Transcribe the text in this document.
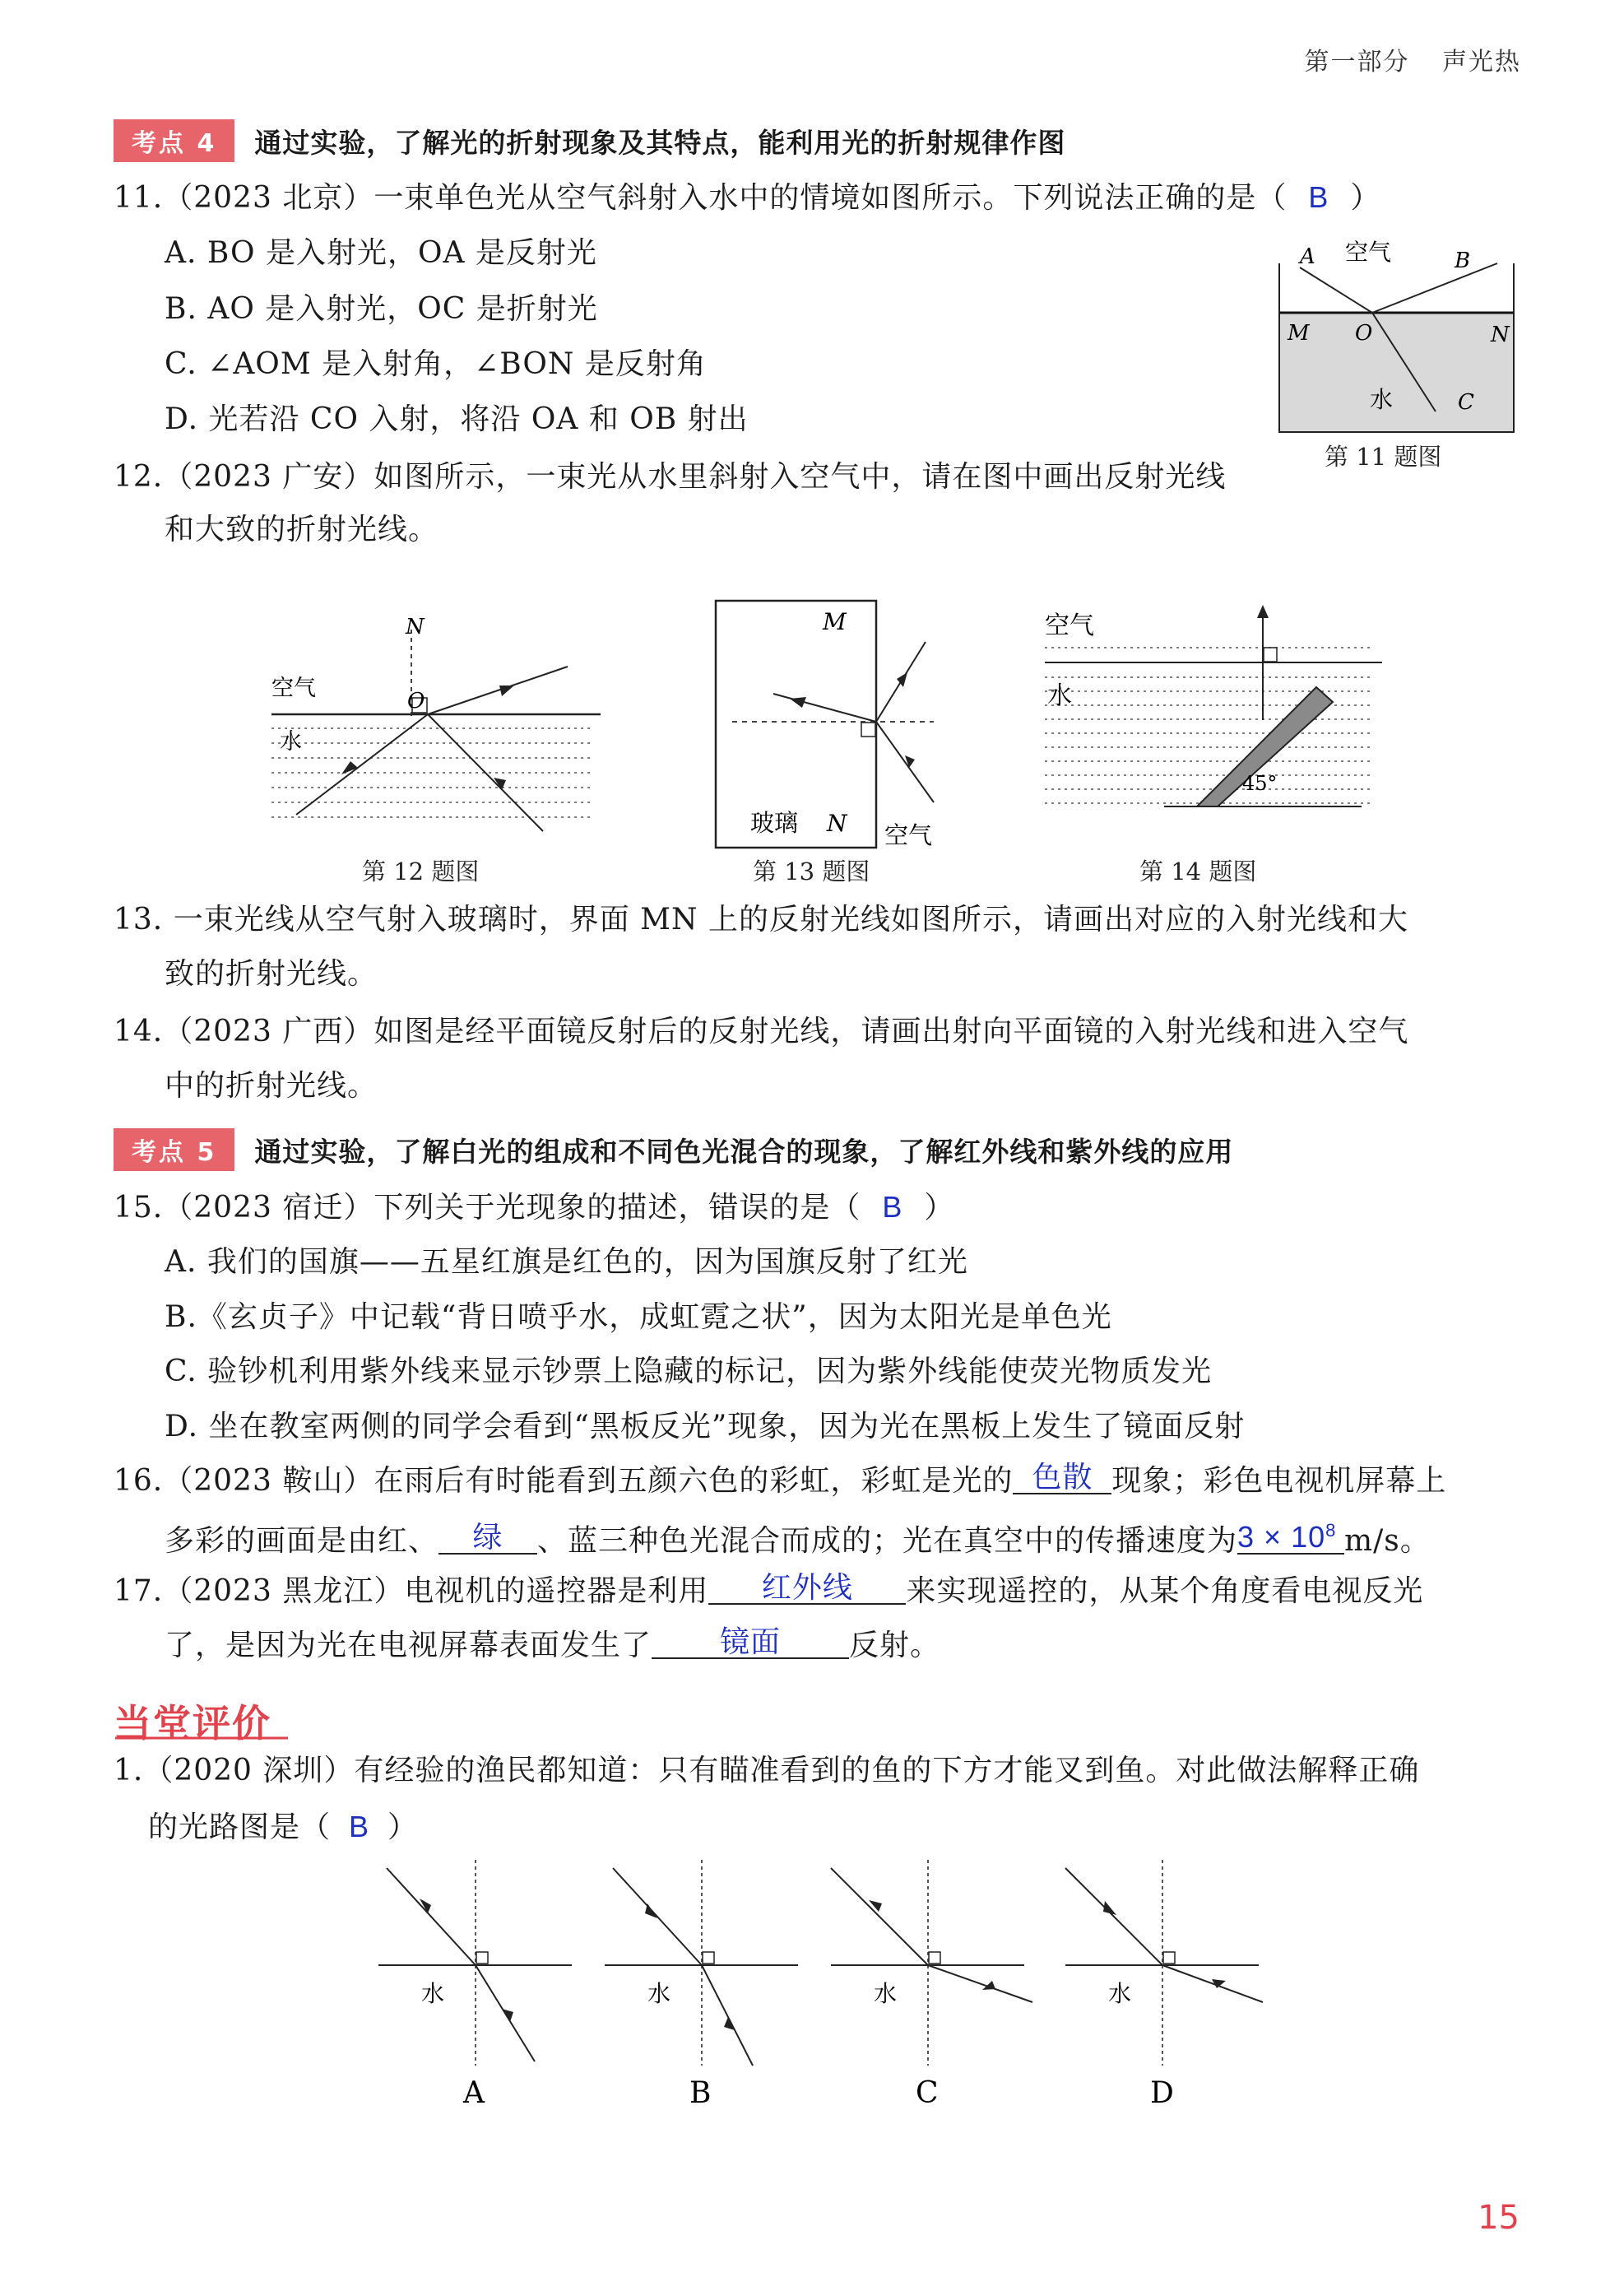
第一部分 声光热
考点 4	通过实验，了解光的折射现象及其特点，能利用光的折射规律作图
11.（2023 北京）一束单色光从空气斜射入水中的情境如图所示。下列说法正确的是（ B ）
A. BO 是入射光，OA 是反射光
B. AO 是入射光，OC 是折射光
C. ∠AOM 是入射角，∠BON 是反射角
D. 光若沿 CO 入射，将沿 OA 和 OB 射出
A 空气	B
M O	N
水	C
第 11 题图
12.（2023 广安）如图所示，一束光从水里斜射入空气中，请在图中画出反射光线
和大致的折射光线。
N
空气	O
水
第 12 题图
M
玻璃 N 空气
第 13 题图
空气
水
45°
第 14 题图
13. 一束光线从空气射入玻璃时，界面 MN 上的反射光线如图所示，请画出对应的入射光线和大
致的折射光线。
14.（2023 广西）如图是经平面镜反射后的反射光线，请画出射向平面镜的入射光线和进入空气
中的折射光线。
考点 5	通过实验，了解白光的组成和不同色光混合的现象，了解红外线和紫外线的应用
15.（2023 宿迁）下列关于光现象的描述，错误的是（ B ）
A. 我们的国旗——五星红旗是红色的，因为国旗反射了红光
B.《玄贞子》中记载“背日喷乎水，成虹霓之状”，因为太阳光是单色光
C. 验钞机利用紫外线来显示钞票上隐藏的标记，因为紫外线能使荧光物质发光
D. 坐在教室两侧的同学会看到“黑板反光”现象，因为光在黑板上发生了镜面反射
16.（2023 鞍山）在雨后有时能看到五颜六色的彩虹，彩虹是光的 色散 现象；彩色电视机屏幕上
多彩的画面是由红、 绿 、蓝三种色光混合而成的；光在真空中的传播速度为$3 \times 10^8$ m/s。
17.（2023 黑龙江）电视机的遥控器是利用 红外线 来实现遥控的，从某个角度看电视反光
了，是因为光在电视屏幕表面发生了 镜面 反射。
当堂评价
1.（2020 深圳）有经验的渔民都知道：只有瞄准看到的鱼的下方才能叉到鱼。对此做法解释正确
的光路图是（ B ）
水
A
水
B
水
C
水
D
15
